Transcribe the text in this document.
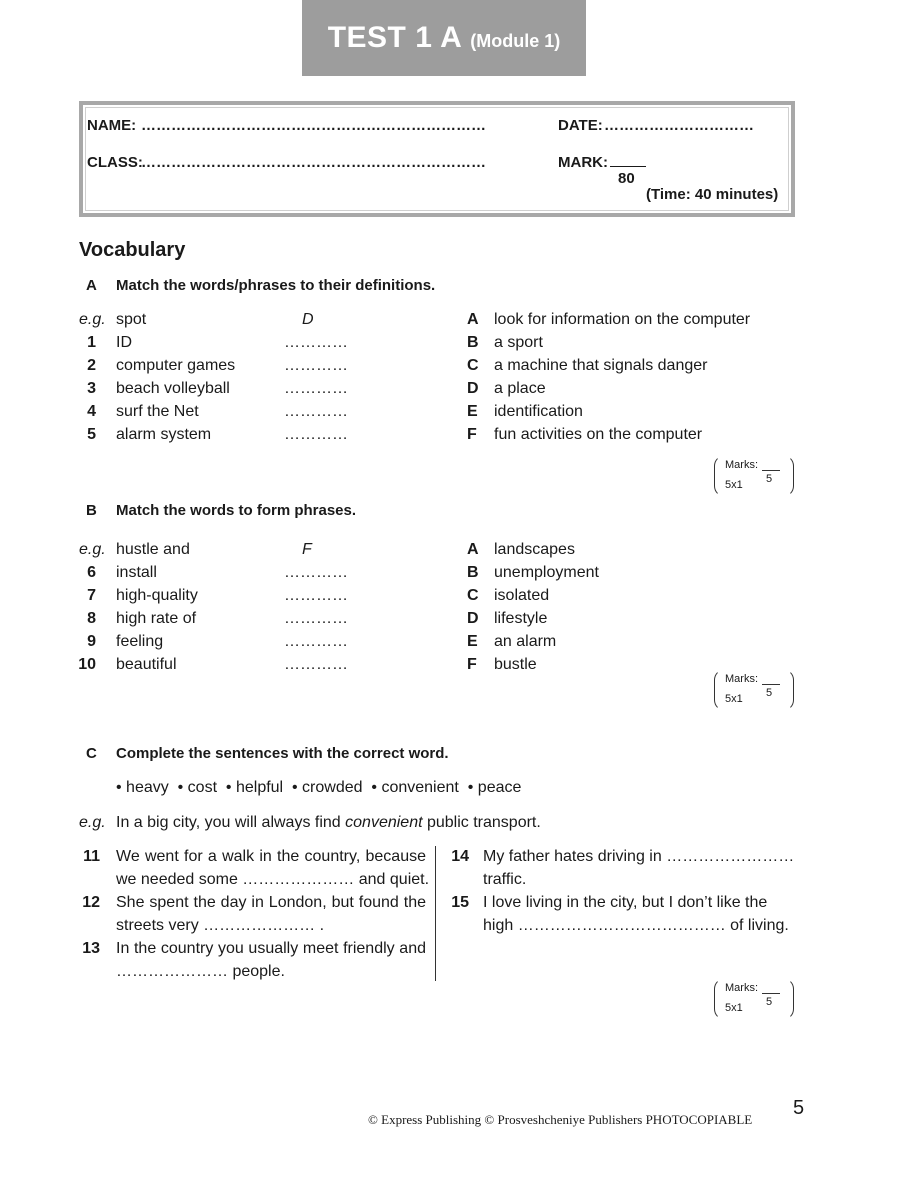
TEST 1 A (Module 1)
NAME: ……………………………………………………………	DATE: …………………………
CLASS:
……………………………………………………………	MARK:
80
(Time: 40 minutes)
Vocabulary
A Match the words/phrases to their definitions.
e.g. spot	D
1 ID	…………
2 computer games	…………
3 beach volleyball	…………
4 surf the Net	…………
5 alarm system	…………
A look for information on the computer
B a sport
C a machine that signals danger
D a place
E identification
F fun activities on the computer
Marks:
5
5x1
B Match the words to form phrases.
e.g. hustle and	F
6 install	…………
7 high-quality	…………
8 high rate of	…………
9 feeling	…………
10 beautiful	…………
A landscapes
B unemployment
C isolated
D lifestyle
E an alarm
F bustle
Marks:
5
5x1
C Complete the sentences with the correct word.
• heavy  • cost  • helpful  • crowded  • convenient  • peace
e.g. In a big city, you will always find convenient public transport.
11 We went for a walk in the country, because
we needed some ………………… and quiet.
12 She spent the day in London, but found the
streets very ………………… .
13 In the country you usually meet friendly and
………………… people.
14 My father hates driving in ……………………
traffic.
15 I love living in the city, but I don’t like the
high ………………………………… of living.
Marks:
5
5x1
© Express Publishing © Prosveshcheniye Publishers PHOTOCOPIABLE
5
